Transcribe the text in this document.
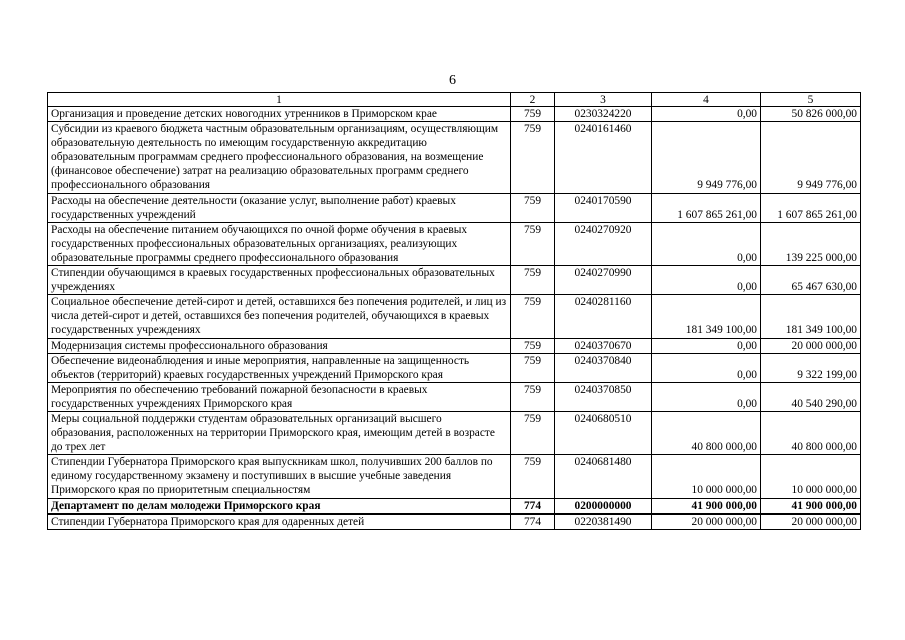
6
1	2	3	4	5
Организация и проведение детских новогодних утренников в Приморском крае	759	0230324220	0,00	50 826 000,00
Субсидии из краевого бюджета частным образовательным организациям, осуществляющим образовательную деятельность по имеющим государственную аккредитацию образовательным программам среднего профессионального образования, на возмещение (финансовое обеспечение) затрат на реализацию образовательных программ среднего профессионального образования	759	0240161460	9 949 776,00	9 949 776,00
Расходы на обеспечение деятельности (оказание услуг, выполнение работ) краевых государственных учреждений	759	0240170590	1 607 865 261,00	1 607 865 261,00
Расходы на обеспечение питанием обучающихся по очной форме обучения в краевых государственных профессиональных образовательных организациях, реализующих образовательные программы среднего профессионального образования	759	0240270920	0,00	139 225 000,00
Стипендии обучающимся в краевых государственных профессиональных образовательных учреждениях	759	0240270990	0,00	65 467 630,00
Социальное обеспечение детей-сирот и детей, оставшихся без попечения родителей, и лиц из числа детей-сирот и детей, оставшихся без попечения родителей, обучающихся в краевых государственных учреждениях	759	0240281160	181 349 100,00	181 349 100,00
Модернизация системы профессионального образования	759	0240370670	0,00	20 000 000,00
Обеспечение видеонаблюдения и иные мероприятия, направленные на защищенность объектов (территорий) краевых государственных учреждений Приморского края	759	0240370840	0,00	9 322 199,00
Мероприятия по обеспечению требований пожарной безопасности в краевых государственных учреждениях Приморского края	759	0240370850	0,00	40 540 290,00
Меры социальной поддержки студентам образовательных организаций высшего образования, расположенных на территории Приморского края, имеющим детей в возрасте до трех лет	759	0240680510	40 800 000,00	40 800 000,00
Стипендии Губернатора Приморского края выпускникам школ, получивших 200 баллов по единому государственному экзамену и поступивших в высшие учебные заведения Приморского края по приоритетным специальностям	759	0240681480	10 000 000,00	10 000 000,00
Департамент по делам молодежи Приморского края	774	0200000000	41 900 000,00	41 900 000,00
Стипендии Губернатора Приморского края для одаренных детей	774	0220381490	20 000 000,00	20 000 000,00
